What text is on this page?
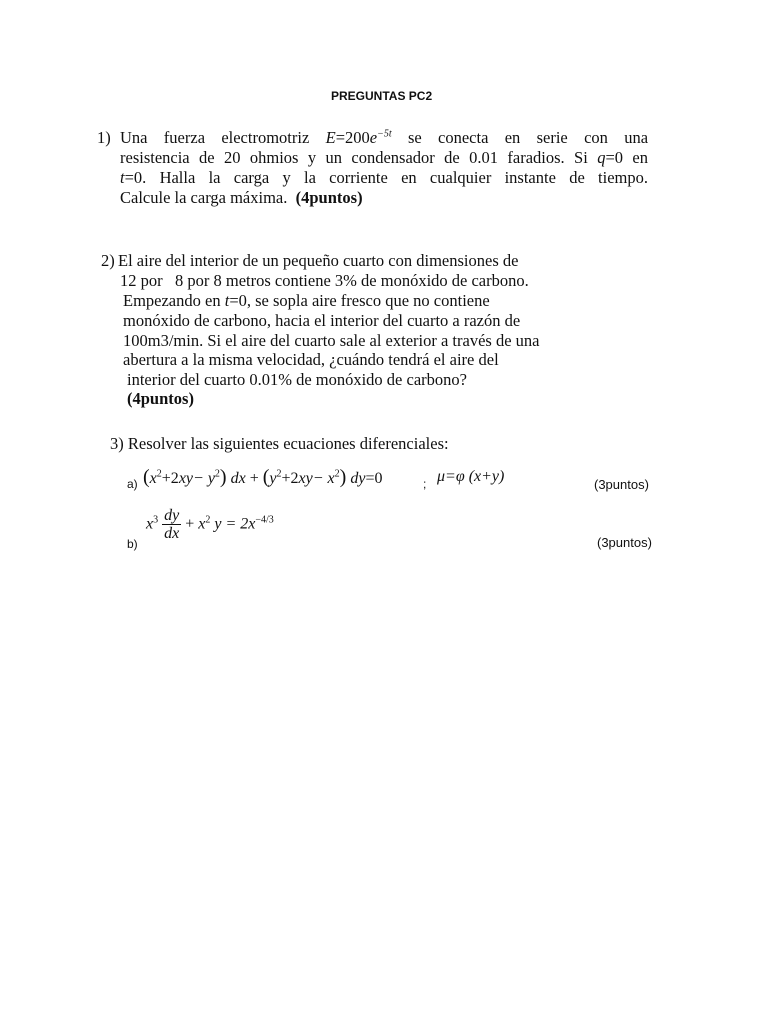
PREGUNTAS PC2
1) Una fuerza electromotriz $E=200e^{-5t}$ se conecta en serie con una
resistencia de 20 ohmios y un condensador de 0.01 faradios. Si q=0 en
t=0. Halla la carga y la corriente en cualquier instante de tiempo.
Calcule la carga máxima. (4puntos)
2) El aire del interior de un pequeño cuarto con dimensiones de
12 por   8 por 8 metros contiene 3% de monóxido de carbono.
Empezando en t=0, se sopla aire fresco que no contiene
monóxido de carbono, hacia el interior del cuarto a razón de
100m3/min. Si el aire del cuarto sale al exterior a través de una
abertura a la misma velocidad, ¿cuándo tendrá el aire del
interior del cuarto 0.01% de monóxido de carbono?
(4puntos)
3) Resolver las siguientes ecuaciones diferenciales:
a) $(x^2+2xy- y^2)$ dx + $(y^2+2xy- x^2)$ dy=0	; μ=φ (x+y)	(3puntos)
b)
$x^3 \frac{dy}{dx} + x^2$ $y = 2x^{-4/3}$
(3puntos)
